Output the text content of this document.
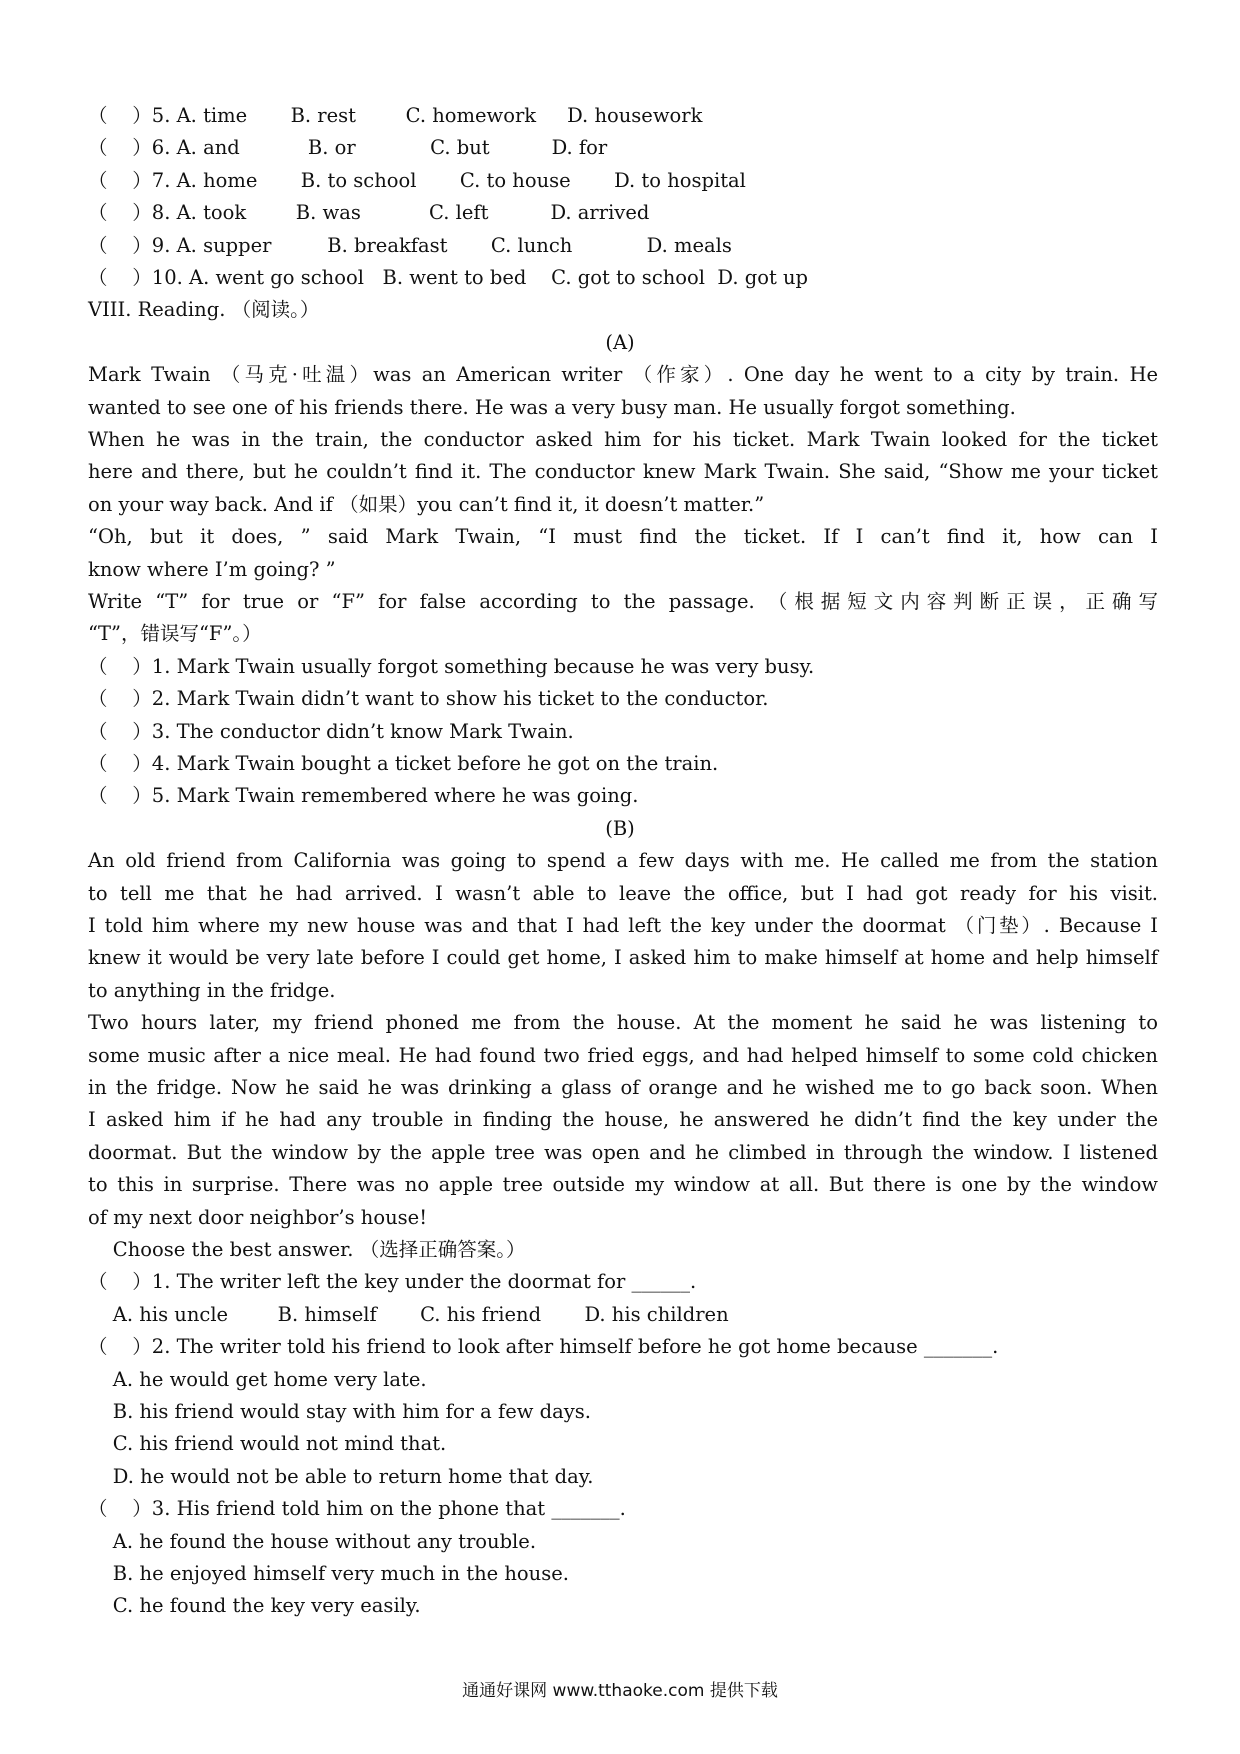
（    ）5. A. time       B. rest        C. homework     D. housework
（    ）6. A. and           B. or            C. but          D. for
（    ）7. A. home       B. to school       C. to house       D. to hospital
（    ）8. A. took        B. was           C. left          D. arrived
（    ）9. A. supper         B. breakfast       C. lunch            D. meals
（    ）10. A. went go school   B. went to bed    C. got to school  D. got up
VIII. Reading. （阅读。）
(A)
Mark Twain （马克·吐温）was an American writer （作家）. One day he went to a city by train. He
wanted to see one of his friends there. He was a very busy man. He usually forgot something.
When he was in the train, the conductor asked him for his ticket. Mark Twain looked for the ticket
here and there, but he couldn’t find it. The conductor knew Mark Twain. She said, “Show me your ticket
on your way back. And if （如果）you can’t find it, it doesn’t matter.”
“Oh, but it does, ” said Mark Twain, “I must find the ticket. If I can’t find it, how can I
know where I’m going? ”
Write “T” for true or “F” for false according to the passage. （根据短文内容判断正误，正确写
“T”，错误写“F”。）
（    ）1. Mark Twain usually forgot something because he was very busy.
（    ）2. Mark Twain didn’t want to show his ticket to the conductor.
（    ）3. The conductor didn’t know Mark Twain.
（    ）4. Mark Twain bought a ticket before he got on the train.
（    ）5. Mark Twain remembered where he was going.
(B)
An old friend from California was going to spend a few days with me. He called me from the station
to tell me that he had arrived. I wasn’t able to leave the office, but I had got ready for his visit.
I told him where my new house was and that I had left the key under the doormat （门垫）. Because I
knew it would be very late before I could get home, I asked him to make himself at home and help himself
to anything in the fridge.
Two hours later, my friend phoned me from the house. At the moment he said he was listening to
some music after a nice meal. He had found two fried eggs, and had helped himself to some cold chicken
in the fridge. Now he said he was drinking a glass of orange and he wished me to go back soon. When
I asked him if he had any trouble in finding the house, he answered he didn’t find the key under the
doormat. But the window by the apple tree was open and he climbed in through the window. I listened
to this in surprise. There was no apple tree outside my window at all. But there is one by the window
of my next door neighbor’s house!
Choose the best answer. （选择正确答案。）
（    ）1. The writer left the key under the doormat for ______.
A. his uncle        B. himself       C. his friend       D. his children
（    ）2. The writer told his friend to look after himself before he got home because _______.
A. he would get home very late.
B. his friend would stay with him for a few days.
C. his friend would not mind that.
D. he would not be able to return home that day.
（    ）3. His friend told him on the phone that _______.
A. he found the house without any trouble.
B. he enjoyed himself very much in the house.
C. he found the key very easily.
通通好课网 www.tthaoke.com 提供下载
